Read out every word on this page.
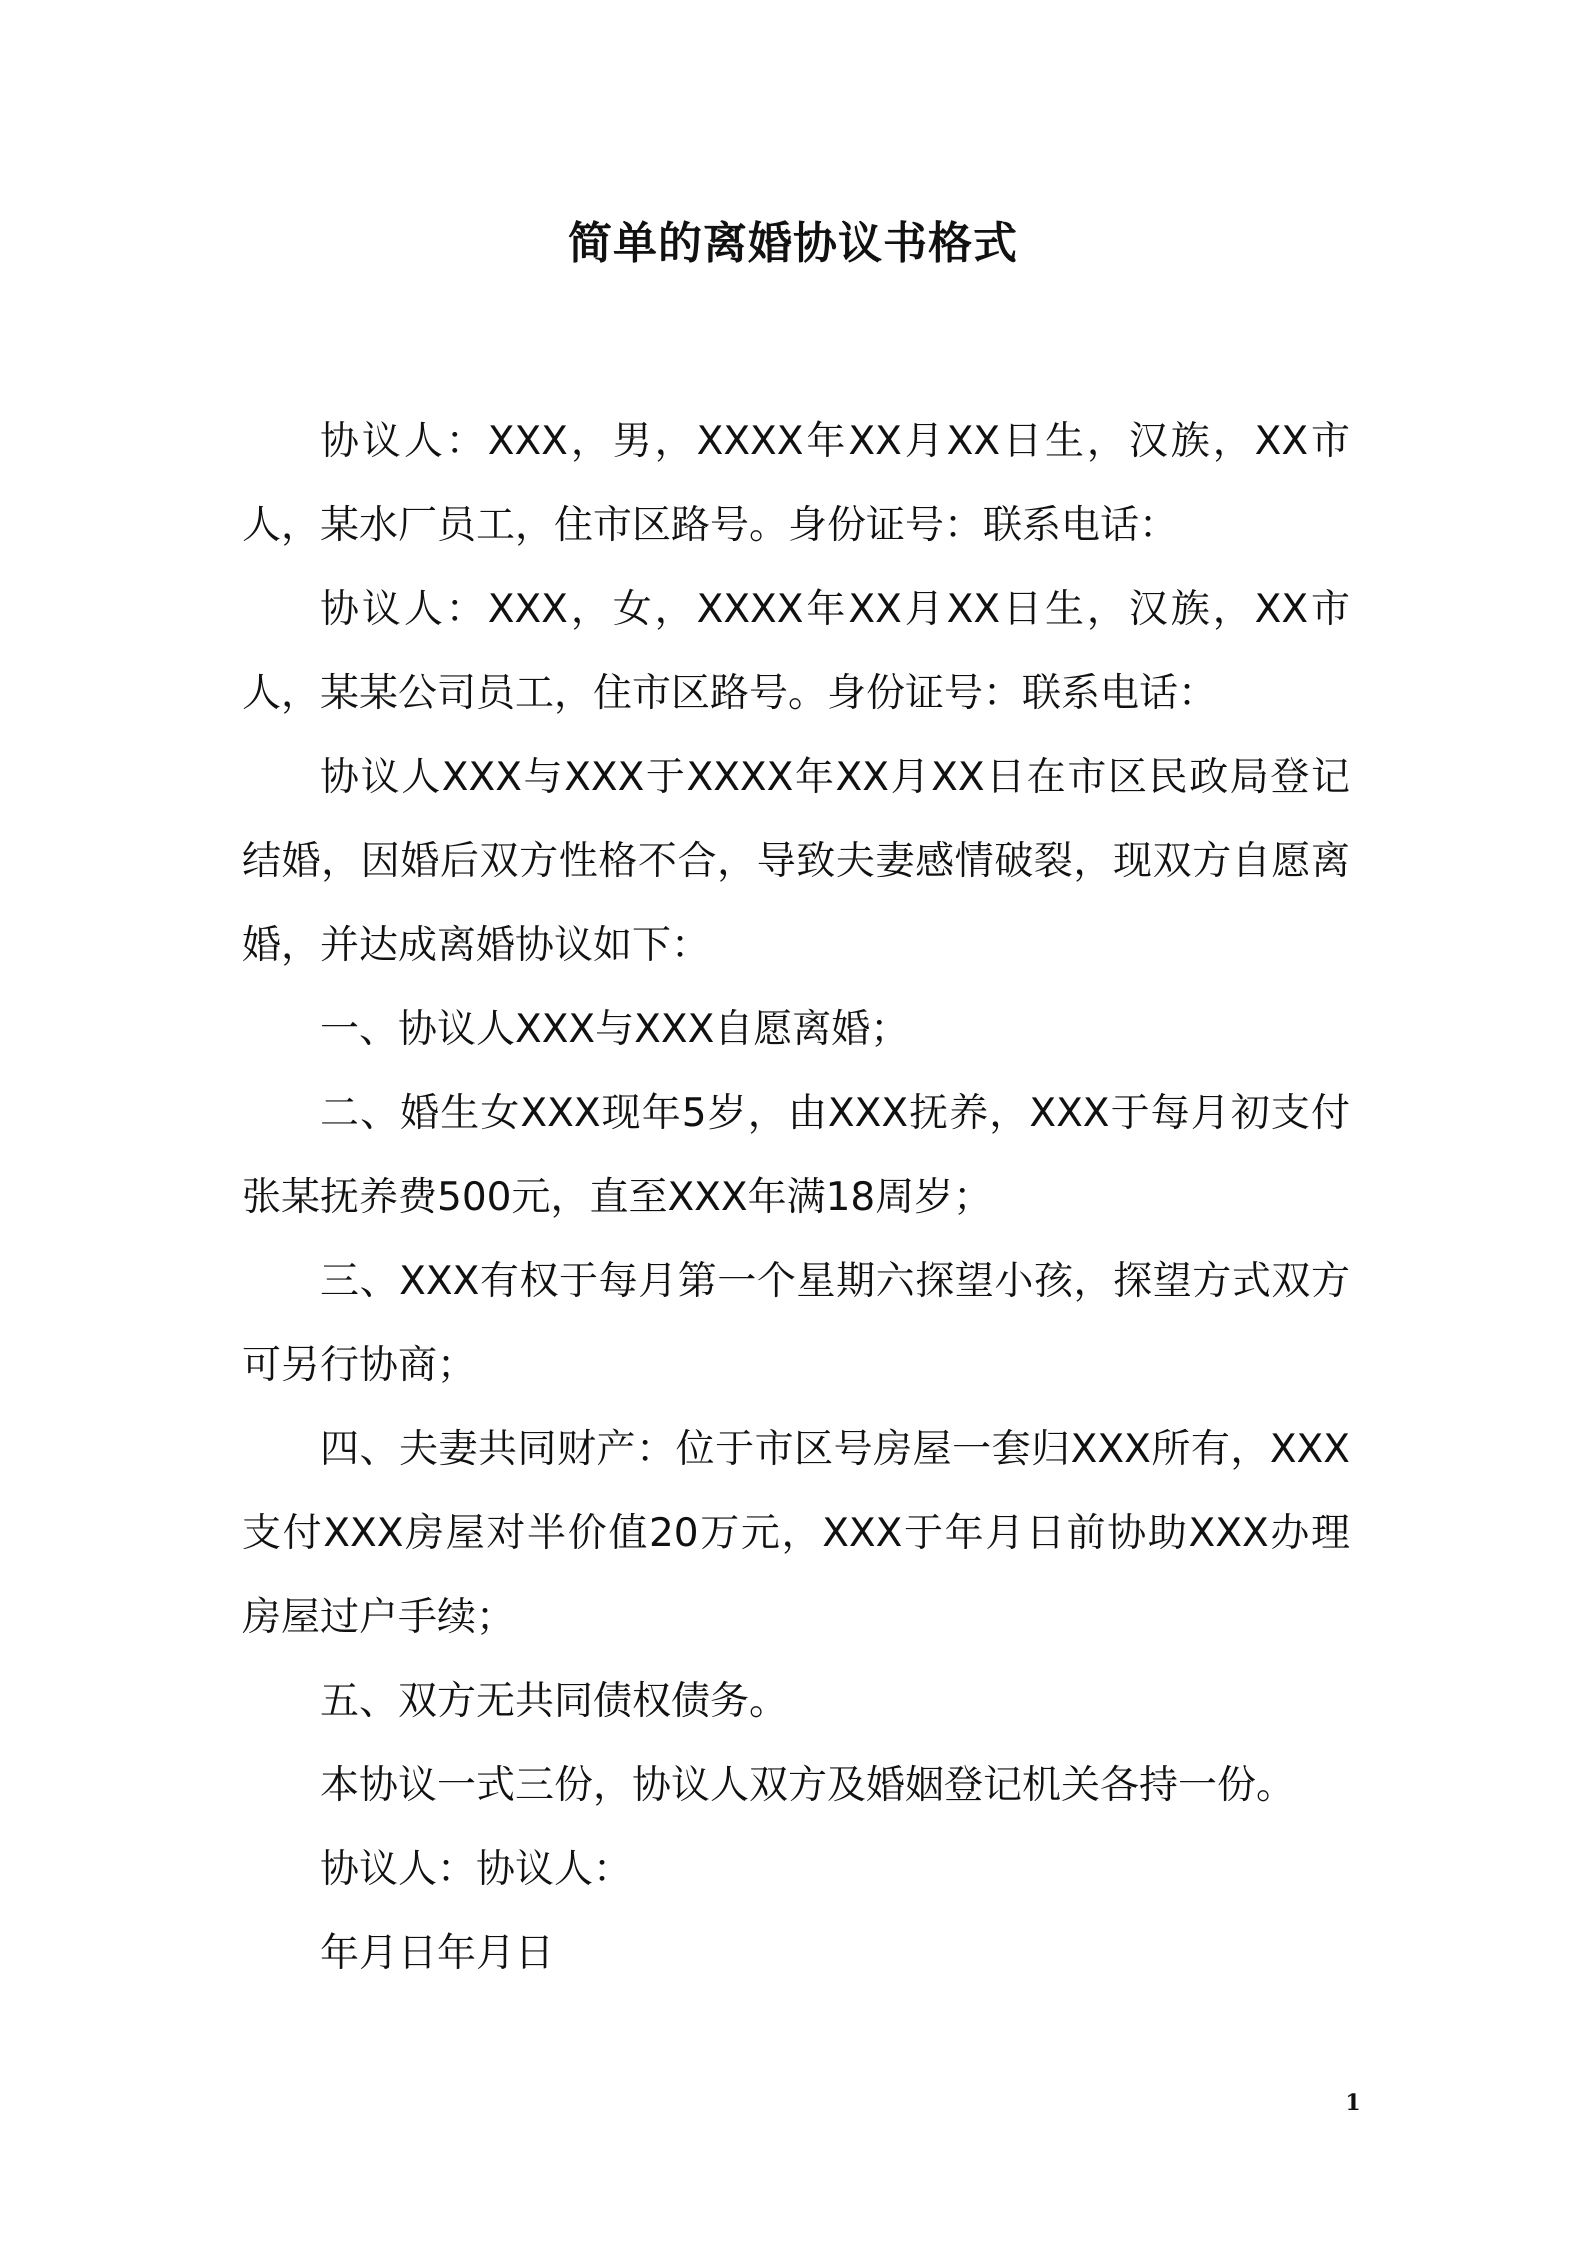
简单的离婚协议书格式

协议人：XXX，男，XXXX年XX月XX日生，汉族，XX市人，某水厂员工，住市区路号。身份证号：联系电话：

协议人：XXX，女，XXXX年XX月XX日生，汉族，XX市人，某某公司员工，住市区路号。身份证号：联系电话：

协议人XXX与XXX于XXXX年XX月XX日在市区民政局登记结婚，因婚后双方性格不合，导致夫妻感情破裂，现双方自愿离婚，并达成离婚协议如下：

一、协议人XXX与XXX自愿离婚；

二、婚生女XXX现年5岁，由XXX抚养，XXX于每月初支付张某抚养费500元，直至XXX年满18周岁；

三、XXX有权于每月第一个星期六探望小孩，探望方式双方可另行协商；

四、夫妻共同财产：位于市区号房屋一套归XXX所有，XXX支付XXX房屋对半价值20万元，XXX于年月日前协助XXX办理房屋过户手续；

五、双方无共同债权债务。

本协议一式三份，协议人双方及婚姻登记机关各持一份。

协议人：协议人：

年月日年月日

1
